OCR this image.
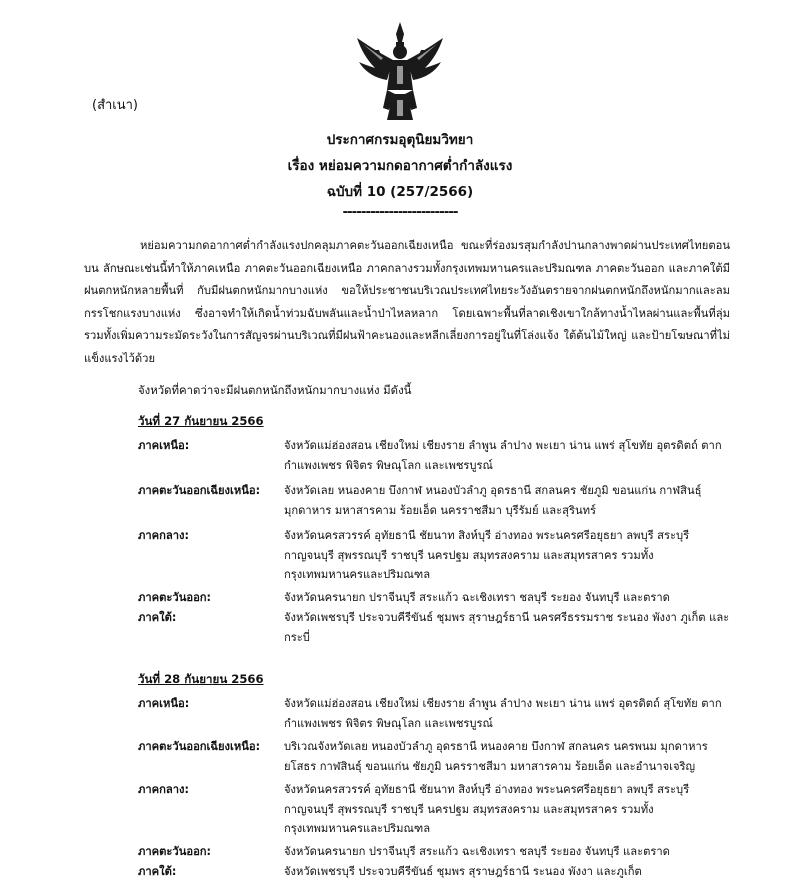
(สำเนา)
ประกาศกรมอุตุนิยมวิทยา
เรื่อง หย่อมความกดอากาศต่ำกำลังแรง
ฉบับที่ 10 (257/2566)
-------------------------
หย่อมความกดอากาศต่ำกำลังแรงปกคลุมภาคตะวันออกเฉียงเหนือ ขณะที่ร่องมรสุมกำลังปานกลางพาดผ่านประเทศไทยตอนบน ลักษณะเช่นนี้ทำให้ภาคเหนือ ภาคตะวันออกเฉียงเหนือ ภาคกลางรวมทั้งกรุงเทพมหานครและปริมณฑล ภาคตะวันออก และภาคใต้มีฝนตกหนักหลายพื้นที่ กับมีฝนตกหนักมากบางแห่ง ขอให้ประชาชนบริเวณประเทศไทยระวังอันตรายจากฝนตกหนักถึงหนักมากและลมกรรโชกแรงบางแห่ง ซึ่งอาจทำให้เกิดน้ำท่วมฉับพลันและน้ำป่าไหลหลาก โดยเฉพาะพื้นที่ลาดเชิงเขาใกล้ทางน้ำไหลผ่านและพื้นที่ลุ่ม รวมทั้งเพิ่มความระมัดระวังในการสัญจรผ่านบริเวณที่มีฝนฟ้าคะนองและหลีกเลี่ยงการอยู่ในที่โล่งแจ้ง ใต้ต้นไม้ใหญ่ และป้ายโฆษณาที่ไม่แข็งแรงไว้ด้วย
จังหวัดที่คาดว่าจะมีฝนตกหนักถึงหนักมากบางแห่ง มีดังนี้
วันที่ 27 กันยายน 2566
ภาคเหนือ:	จังหวัดแม่ฮ่องสอน เชียงใหม่ เชียงราย ลำพูน ลำปาง พะเยา น่าน แพร่ สุโขทัย อุตรดิตถ์ ตาก กำแพงเพชร พิจิตร พิษณุโลก และเพชรบูรณ์
ภาคตะวันออกเฉียงเหนือ:	จังหวัดเลย หนองคาย บึงกาฬ หนองบัวลำภู อุดรธานี สกลนคร ชัยภูมิ ขอนแก่น กาฬสินธุ์ มุกดาหาร มหาสารคาม ร้อยเอ็ด นครราชสีมา บุรีรัมย์ และสุรินทร์
ภาคกลาง:	จังหวัดนครสวรรค์ อุทัยธานี ชัยนาท สิงห์บุรี อ่างทอง พระนครศรีอยุธยา ลพบุรี สระบุรี กาญจนบุรี สุพรรณบุรี ราชบุรี นครปฐม สมุทรสงคราม และสมุทรสาคร รวมทั้งกรุงเทพมหานครและปริมณฑล
ภาคตะวันออก:	จังหวัดนครนายก ปราจีนบุรี สระแก้ว ฉะเชิงเทรา ชลบุรี ระยอง จันทบุรี และตราด
ภาคใต้:	จังหวัดเพชรบุรี ประจวบคีรีขันธ์ ชุมพร สุราษฎร์ธานี นครศรีธรรมราช ระนอง พังงา ภูเก็ต และกระบี่
วันที่ 28 กันยายน 2566
ภาคเหนือ:	จังหวัดแม่ฮ่องสอน เชียงใหม่ เชียงราย ลำพูน ลำปาง พะเยา น่าน แพร่ อุตรดิตถ์ สุโขทัย ตาก กำแพงเพชร พิจิตร พิษณุโลก และเพชรบูรณ์
ภาคตะวันออกเฉียงเหนือ:	บริเวณจังหวัดเลย หนองบัวลำภู อุดรธานี หนองคาย บึงกาฬ สกลนคร นครพนม มุกดาหาร ยโสธร กาฬสินธุ์ ขอนแก่น ชัยภูมิ นครราชสีมา มหาสารคาม ร้อยเอ็ด และอำนาจเจริญ
ภาคกลาง:	จังหวัดนครสวรรค์ อุทัยธานี ชัยนาท สิงห์บุรี อ่างทอง พระนครศรีอยุธยา ลพบุรี สระบุรี กาญจนบุรี สุพรรณบุรี ราชบุรี นครปฐม สมุทรสงคราม และสมุทรสาคร รวมทั้งกรุงเทพมหานครและปริมณฑล
ภาคตะวันออก:	จังหวัดนครนายก ปราจีนบุรี สระแก้ว ฉะเชิงเทรา ชลบุรี ระยอง จันทบุรี และตราด
ภาคใต้:	จังหวัดเพชรบุรี ประจวบคีรีขันธ์ ชุมพร สุราษฎร์ธานี ระนอง พังงา และภูเก็ต
